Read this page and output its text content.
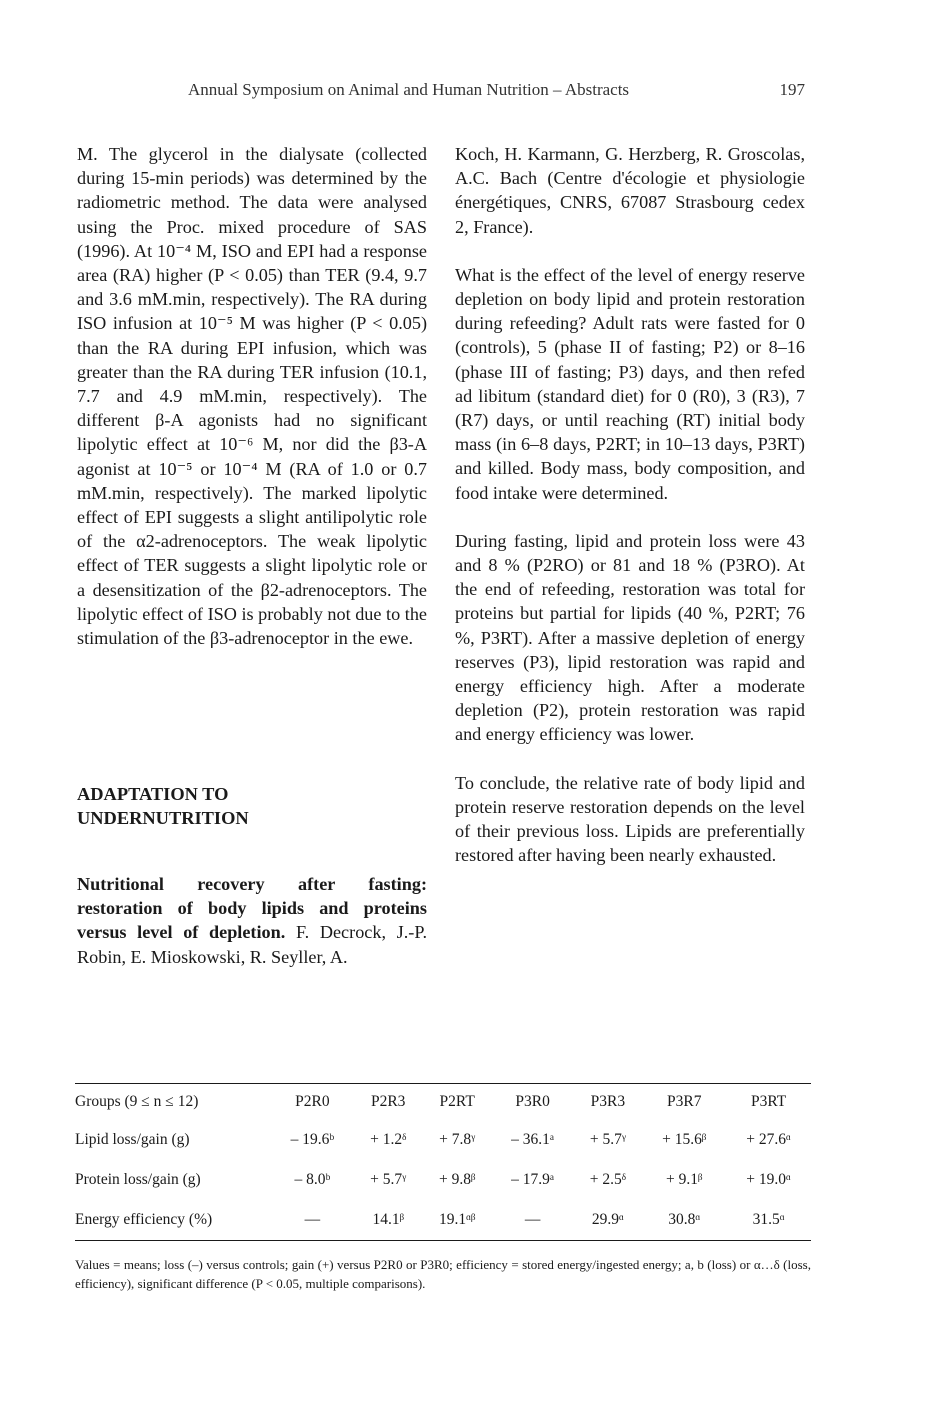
Annual Symposium on Animal and Human Nutrition – Abstracts	197

M. The glycerol in the dialysate (collected during 15-min periods) was determined by the radiometric method. The data were analysed using the Proc. mixed procedure of SAS (1996). At 10⁻⁴ M, ISO and EPI had a response area (RA) higher (P < 0.05) than TER (9.4, 9.7 and 3.6 mM.min, respectively). The RA during ISO infusion at 10⁻⁵ M was higher (P < 0.05) than the RA during EPI infusion, which was greater than the RA during TER infusion (10.1, 7.7 and 4.9 mM.min, respectively). The different β-A agonists had no significant lipolytic effect at 10⁻⁶ M, nor did the β3-A agonist at 10⁻⁵ or 10⁻⁴ M (RA of 1.0 or 0.7 mM.min, respectively). The marked lipolytic effect of EPI suggests a slight antilipolytic role of the α2-adrenoceptors. The weak lipolytic effect of TER suggests a slight lipolytic role or a desensitization of the β2-adrenoceptors. The lipolytic effect of ISO is probably not due to the stimulation of the β3-adrenoceptor in the ewe.

ADAPTATION TO
UNDERNUTRITION
Nutritional recovery after fasting: restoration of body lipids and proteins versus level of depletion. F. Decrock, J.-P. Robin, E. Mioskowski, R. Seyller, A.

Koch, H. Karmann, G. Herzberg, R. Groscolas, A.C. Bach (Centre d'écologie et physiologie énergétiques, CNRS, 67087 Strasbourg cedex 2, France).

What is the effect of the level of energy reserve depletion on body lipid and protein restoration during refeeding? Adult rats were fasted for 0 (controls), 5 (phase II of fasting; P2) or 8–16 (phase III of fasting; P3) days, and then refed ad libitum (standard diet) for 0 (R0), 3 (R3), 7 (R7) days, or until reaching (RT) initial body mass (in 6–8 days, P2RT; in 10–13 days, P3RT) and killed. Body mass, body composition, and food intake were determined.

During fasting, lipid and protein loss were 43 and 8 % (P2RO) or 81 and 18 % (P3RO). At the end of refeeding, restoration was total for proteins but partial for lipids (40 %, P2RT; 76 %, P3RT). After a massive depletion of energy reserves (P3), lipid restoration was rapid and energy efficiency high. After a moderate depletion (P2), protein restoration was rapid and energy efficiency was lower.

To conclude, the relative rate of body lipid and protein reserve restoration depends on the level of their previous loss. Lipids are preferentially restored after having been nearly exhausted.

Groups (9 ≤ n ≤ 12)	P2R0	P2R3	P2RT	P3R0	P3R3	P3R7	P3RT
Lipid loss/gain (g)	– 19.6ᵇ	+ 1.2ᵟ	+ 7.8ᵞ	– 36.1ᵃ	+ 5.7ᵞ	+ 15.6ᵝ	+ 27.6ᵅ
Protein loss/gain (g)	– 8.0ᵇ	+ 5.7ᵞ	+ 9.8ᵝ	– 17.9ᵃ	+ 2.5ᵟ	+ 9.1ᵝ	+ 19.0ᵅ
Energy efficiency (%)	—	14.1ᵝ	19.1ᵅᵝ	—	29.9ᵅ	30.8ᵅ	31.5ᵅ
Values = means; loss (–) versus controls; gain (+) versus P2R0 or P3R0; efficiency = stored energy/ingested energy; a, b (loss) or α…δ (loss, efficiency), significant difference (P < 0.05, multiple comparisons).
